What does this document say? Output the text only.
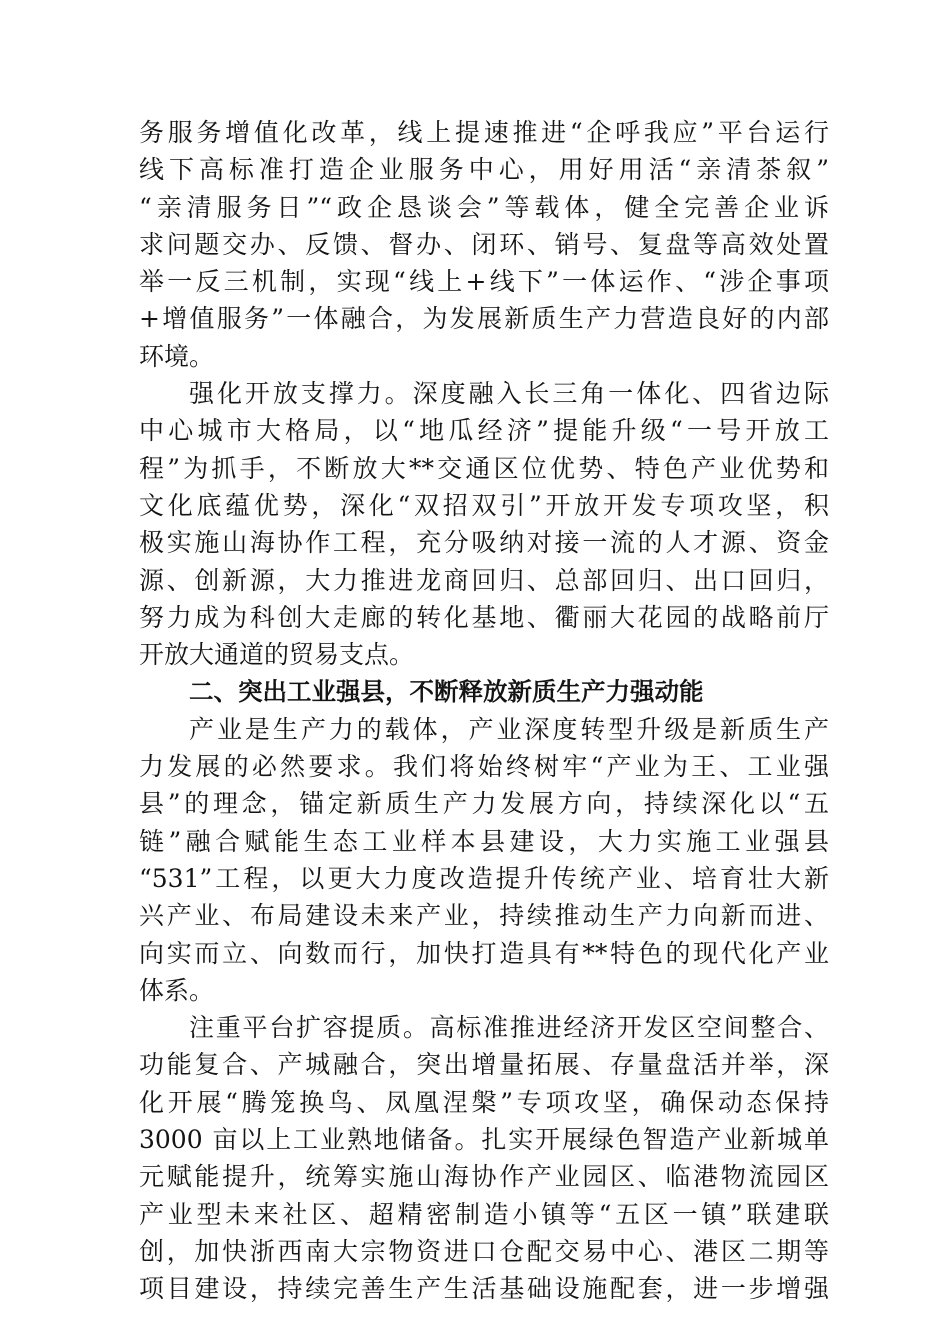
务服务增值化改革，线上提速推进“企呼我应”平台运行
线下高标准打造企业服务中心，用好用活“亲清茶叙”
“亲清服务日”“政企恳谈会”等载体，健全完善企业诉
求问题交办、反馈、督办、闭环、销号、复盘等高效处置
举一反三机制，实现“线上+线下”一体运作、“涉企事项
+增值服务”一体融合，为发展新质生产力营造良好的内部
环境。
强化开放支撑力。深度融入长三角一体化、四省边际
中心城市大格局，以“地瓜经济”提能升级“一号开放工
程”为抓手，不断放大**交通区位优势、特色产业优势和
文化底蕴优势，深化“双招双引”开放开发专项攻坚，积
极实施山海协作工程，充分吸纳对接一流的人才源、资金
源、创新源，大力推进龙商回归、总部回归、出口回归，
努力成为科创大走廊的转化基地、衢丽大花园的战略前厅
开放大通道的贸易支点。
二、突出工业强县，不断释放新质生产力强动能
产业是生产力的载体，产业深度转型升级是新质生产
力发展的必然要求。我们将始终树牢“产业为王、工业强
县”的理念，锚定新质生产力发展方向，持续深化以“五
链”融合赋能生态工业样本县建设，大力实施工业强县
“531”工程，以更大力度改造提升传统产业、培育壮大新
兴产业、布局建设未来产业，持续推动生产力向新而进、
向实而立、向数而行，加快打造具有**特色的现代化产业
体系。
注重平台扩容提质。高标准推进经济开发区空间整合、
功能复合、产城融合，突出增量拓展、存量盘活并举，深
化开展“腾笼换鸟、凤凰涅槃”专项攻坚，确保动态保持
3000 亩以上工业熟地储备。扎实开展绿色智造产业新城单
元赋能提升，统筹实施山海协作产业园区、临港物流园区
产业型未来社区、超精密制造小镇等“五区一镇”联建联
创，加快浙西南大宗物资进口仓配交易中心、港区二期等
项目建设，持续完善生产生活基础设施配套，进一步增强
